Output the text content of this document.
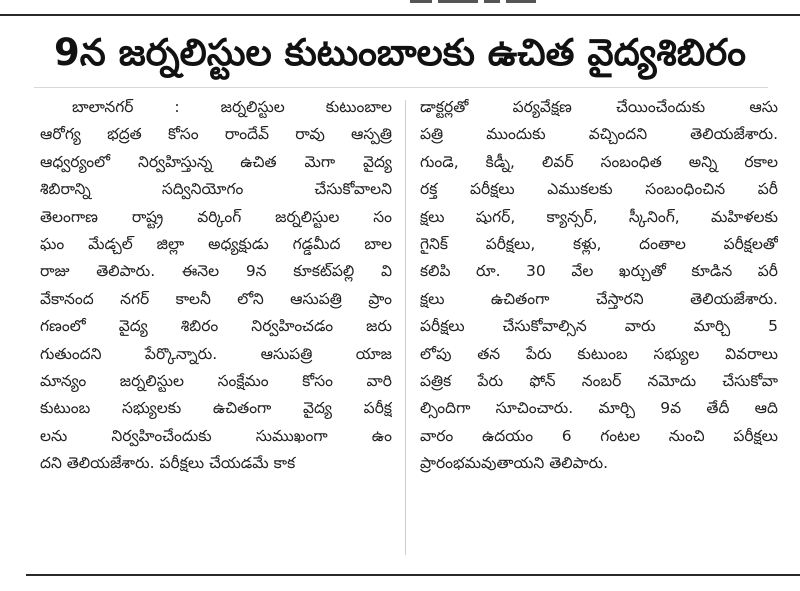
9న జర్నలిస్టుల కుటుంబాలకు ఉచిత వైద్యశిబిరం
బాలానగర్ : జర్నలిస్టుల కుటుంబాల
ఆరోగ్య భద్రత కోసం రాందేవ్ రావు ఆస్పత్రి
ఆధ్వర్యంలో నిర్వహిస్తున్న ఉచిత మెగా వైద్య
శిబిరాన్ని సద్వినియోగం చేసుకోవాలని
తెలంగాణ రాష్ట్ర వర్కింగ్ జర్నలిస్టుల సం
ఘం మేడ్చల్ జిల్లా అధ్యక్షుడు గడ్డమీద బాల
రాజు తెలిపారు. ఈనెల 9న కూకట్‌పల్లి వి
వేకానంద నగర్ కాలనీ లోని ఆసుపత్రి ప్రాం
గణంలో వైద్య శిబిరం నిర్వహించడం జరు
గుతుందని పేర్కొన్నారు. ఆసుపత్రి యాజ
మాన్యం జర్నలిస్టుల సంక్షేమం కోసం వారి
కుటుంబ సభ్యులకు ఉచితంగా వైద్య పరీక్ష
లను నిర్వహించేందుకు సుముఖంగా ఉం
దని తెలియజేశారు. పరీక్షలు చేయడమే కాక
డాక్టర్లతో పర్యవేక్షణ చేయించేందుకు ఆసు
పత్రి ముందుకు వచ్చిందని తెలియజేశారు.
గుండె, కిడ్నీ, లివర్ సంబంధిత అన్ని రకాల
రక్త పరీక్షలు ఎముకలకు సంబంధించిన పరీ
క్షలు షుగర్, క్యాన్సర్, స్కీనింగ్, మహిళలకు
గైనిక్ పరీక్షలు, కళ్లు, దంతాల పరీక్షలతో
కలిపి రూ. 30 వేల ఖర్చుతో కూడిన పరీ
క్షలు ఉచితంగా చేస్తారని తెలియజేశారు.
పరీక్షలు చేసుకోవాల్సిన వారు మార్చి 5
లోపు తన పేరు కుటుంబ సభ్యుల వివరాలు
పత్రిక పేరు ఫోన్ నంబర్ నమోదు చేసుకోవా
ల్సిందిగా సూచించారు. మార్చి 9వ తేదీ ఆది
వారం ఉదయం 6 గంటల నుంచి పరీక్షలు
ప్రారంభమవుతాయని తెలిపారు.
